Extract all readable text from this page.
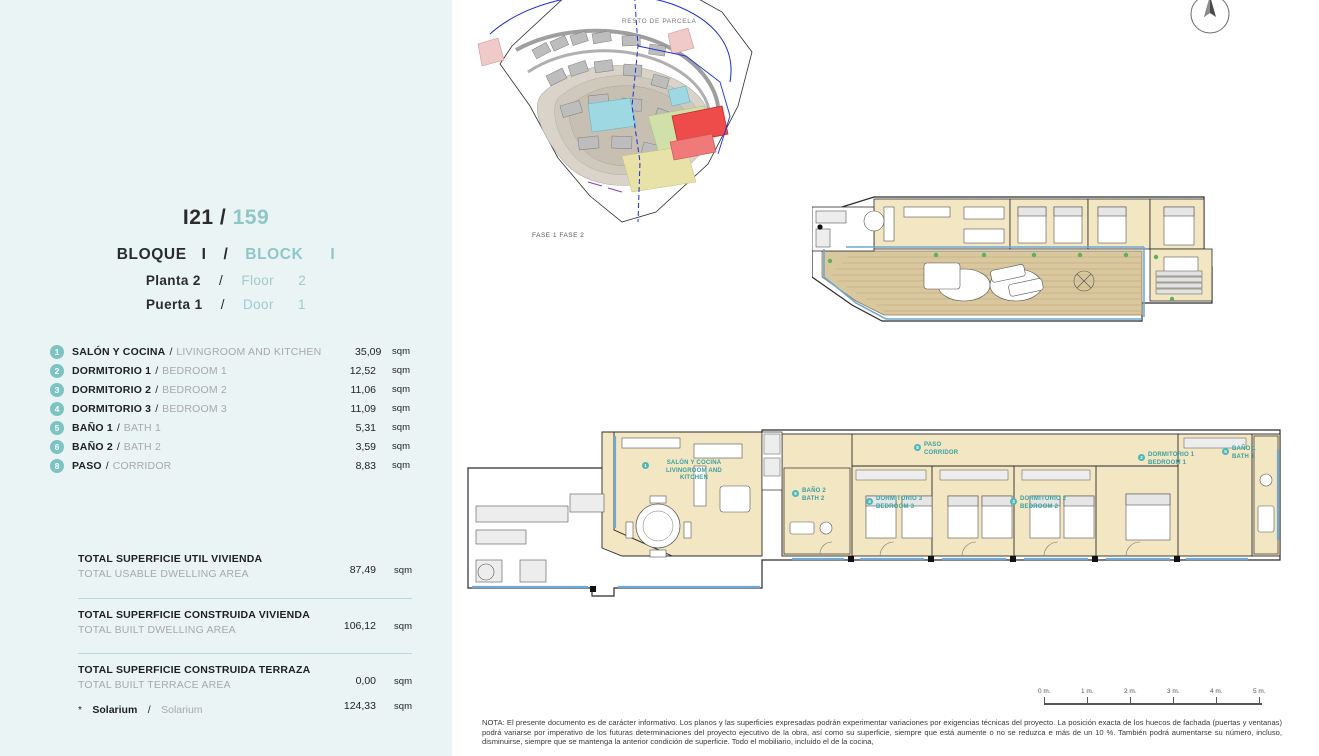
I21 / 159
BLOQUE I / BLOCK I
Planta 2 / Floor 2
Puerta 1 / Door 1
1	SALÓN Y COCINA / LIVINGROOM AND KITCHEN	35,09	sqm
2	DORMITORIO 1 / BEDROOM 1	12,52	sqm
3	DORMITORIO 2 / BEDROOM 2	11,06	sqm
4	DORMITORIO 3 / BEDROOM 3	11,09	sqm
5	BAÑO 1 / BATH 1	5,31	sqm
6	BAÑO 2 / BATH 2	3,59	sqm
8	PASO / CORRIDOR	8,83	sqm
TOTAL SUPERFICIE UTIL VIVIENDA
TOTAL USABLE DWELLING AREA	87,49 sqm
TOTAL SUPERFICIE CONSTRUIDA VIVIENDA
TOTAL BUILT DWELLING AREA	106,12 sqm
TOTAL SUPERFICIE CONSTRUIDA TERRAZA
TOTAL BUILT TERRACE AREA	0,00 sqm
* Solarium / Solarium	124,33 sqm
RESTO DE PARCELA
FASE 1 FASE 2
1	SALÓN Y COCINA
LIVINGROOM AND KITCHEN
6 BAÑO 2
BATH 2	4 DORMITORIO 3
BEDROOM 3
3 DORMITORIO 2
BEDROOM 2
8 PASO
CORRIDOR
2 DORMITORIO 1
BEDROOM 1
5 BAÑO 1
BATH 1
0 m.	1 m.	2 m.	3 m.	4 m.	5 m.
NOTA: El presente documento es de carácter informativo. Los planos y las superficies expresadas podrán experimentar variaciones por exigencias técnicas del proyecto. La posición exacta de los huecos de fachada (puertas y ventanas) podrá variarse por imperativo de los futuras determinaciones del proyecto ejecutivo de la obra, así como su superficie, siempre que está aumente o no se reduzca e más de un 10 %. También podrá aumentarse su número, incluso, disminuirse, siempre que se mantenga la anterior condición de superficie. Todo el mobiliario, incluido el de la cocina,
